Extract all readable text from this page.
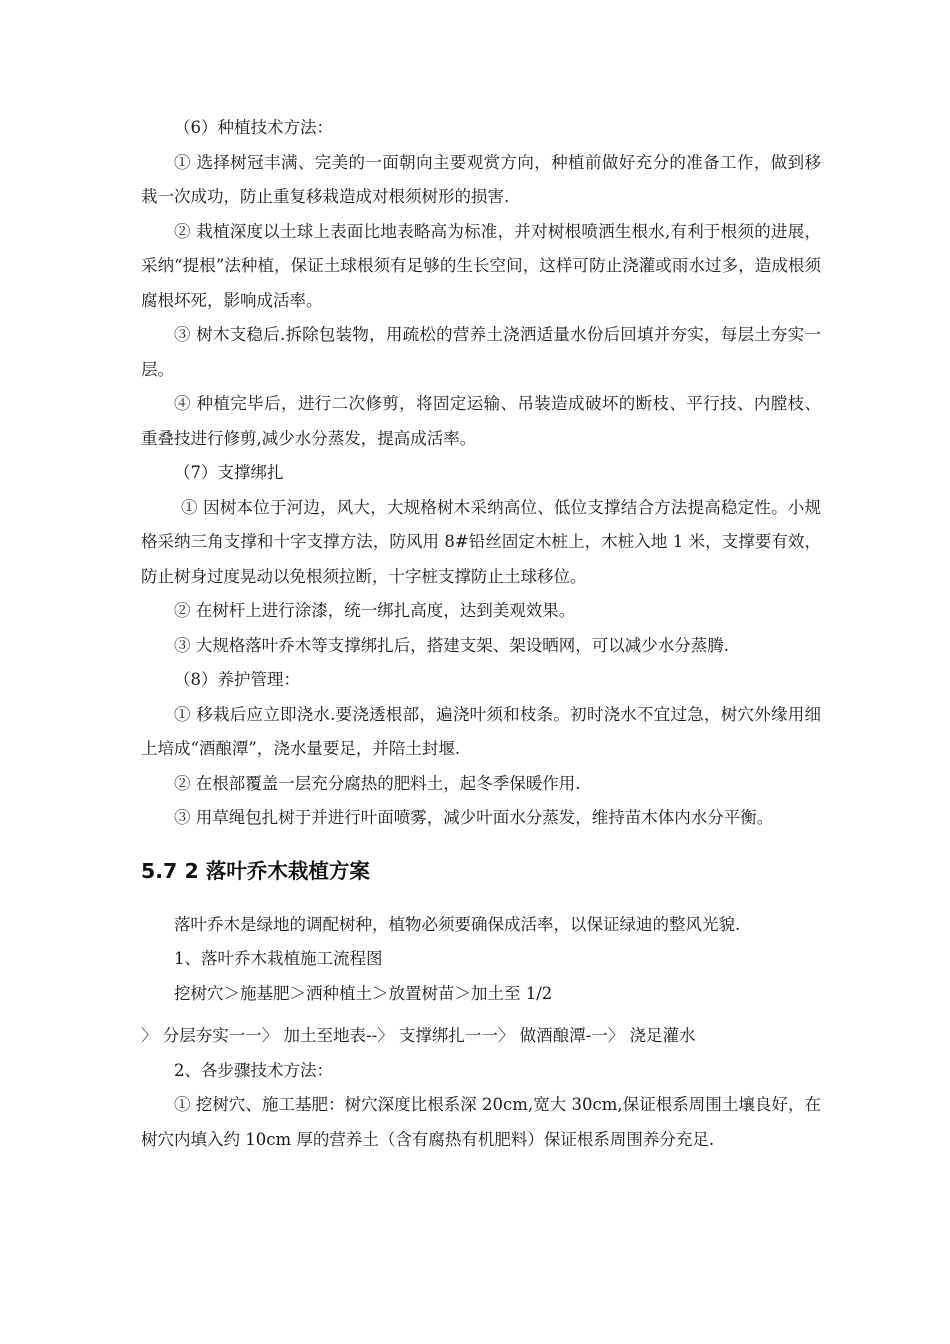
（6）种植技术方法：

① 选择树冠丰满、完美的一面朝向主要观赏方向，种植前做好充分的准备工作，做到移栽一次成功，防止重复移栽造成对根须树形的损害.

② 栽植深度以土球上表面比地表略高为标准，并对树根喷洒生根水,有利于根须的进展，采纳“提根”法种植，保证土球根须有足够的生长空间，这样可防止浇灌或雨水过多，造成根须腐根坏死，影响成活率。

③ 树木支稳后.拆除包装物，用疏松的营养土浇洒适量水份后回填并夯实，每层土夯实一层。

④ 种植完毕后，进行二次修剪，将固定运输、吊装造成破坏的断枝、平行技、内膛枝、重叠技进行修剪,减少水分蒸发，提高成活率。

（7）支撑绑扎

① 因树本位于河边，风大，大规格树木采纳高位、低位支撑结合方法提高稳定性。小规格采纳三角支撑和十字支撑方法，防风用 8#铅丝固定木桩上，木桩入地 1 米，支撑要有效，防止树身过度晃动以免根须拉断，十字桩支撑防止土球移位。

② 在树杆上进行涂漆，统一绑扎高度，达到美观效果。

③ 大规格落叶乔木等支撑绑扎后，搭建支架、架设晒网，可以减少水分蒸腾.

（8）养护管理：

① 移栽后应立即浇水.要浇透根部，遍浇叶须和枝条。初时浇水不宜过急，树穴外缘用细上培成“酒酿潭”，浇水量要足，并陪土封堰.

② 在根部覆盖一层充分腐热的肥料土，起冬季保暖作用.

③ 用草绳包扎树于并进行叶面喷雾，减少叶面水分蒸发，维持苗木体内水分平衡。

5.7 2 落叶乔木栽植方案

落叶乔木是绿地的调配树种，植物必须要确保成活率，以保证绿迪的整风光貌.

1、落叶乔木栽植施工流程图

挖树穴＞施基肥＞洒种植土＞放置树苗＞加土至 1/2

〉 分层夯实一一〉 加土至地表--〉 支撑绑扎一一〉 做酒酿潭-一〉 浇足灌水

2、各步骤技术方法：

① 挖树穴、施工基肥：树穴深度比根系深 20cm,宽大 30cm,保证根系周围土壤良好，在树穴内填入约 10cm 厚的营养土（含有腐热有机肥料）保证根系周围养分充足.
